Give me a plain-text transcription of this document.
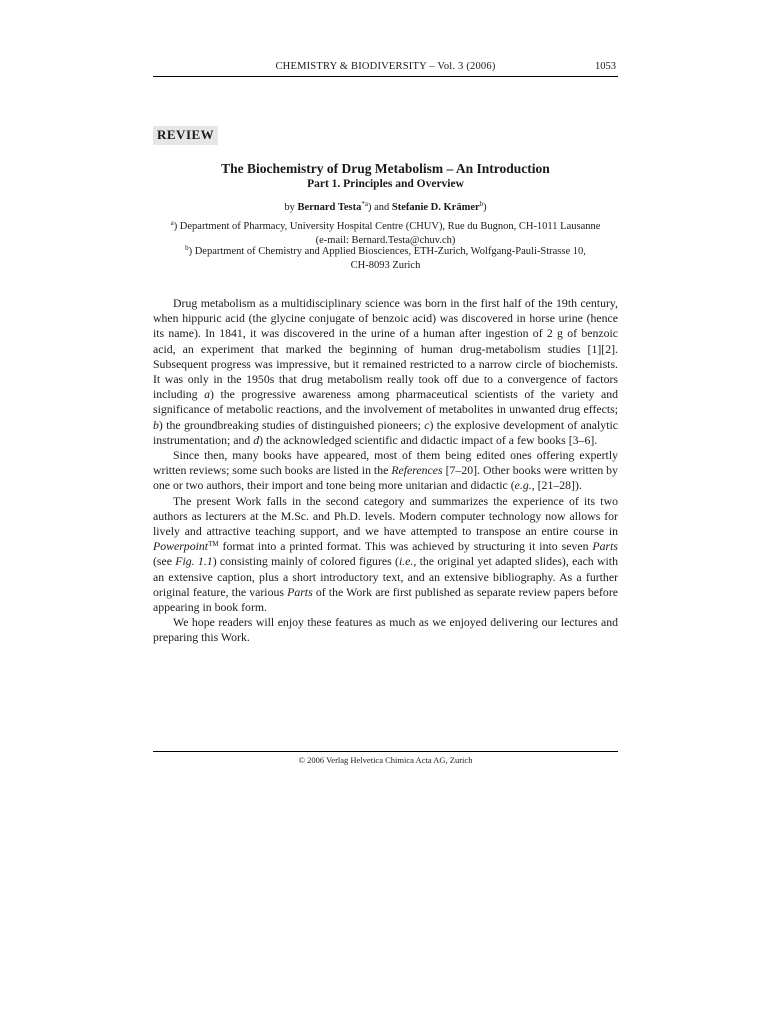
CHEMISTRY & BIODIVERSITY – Vol. 3 (2006)	1053
REVIEW
The Biochemistry of Drug Metabolism – An Introduction
Part 1. Principles and Overview
by Bernard Testa$^{*a}$) and Stefanie D. Krämer$^b$)
$^a$) Department of Pharmacy, University Hospital Centre (CHUV), Rue du Bugnon, CH-1011 Lausanne
(e-mail: Bernard.Testa@chuv.ch)
$^b$) Department of Chemistry and Applied Biosciences, ETH-Zurich, Wolfgang-Pauli-Strasse 10,
CH-8093 Zurich

Drug metabolism as a multidisciplinary science was born in the first half of the 19th century, when hippuric acid (the glycine conjugate of benzoic acid) was discovered in horse urine (hence its name). In 1841, it was discovered in the urine of a human after ingestion of 2 g of benzoic acid, an experiment that marked the beginning of human drug-metabolism studies [1][2]. Subsequent progress was impressive, but it remained restricted to a narrow circle of biochemists. It was only in the 1950s that drug metabolism really took off due to a convergence of factors including a) the progressive awareness among pharmaceutical scientists of the variety and significance of metabolic reactions, and the involvement of metabolites in unwanted drug effects; b) the groundbreaking studies of distinguished pioneers; c) the explosive development of analytic instrumentation; and d) the acknowledged scientific and didactic impact of a few books [3–6].

Since then, many books have appeared, most of them being edited ones offering expertly written reviews; some such books are listed in the References [7–20]. Other books were written by one or two authors, their import and tone being more unitarian and didactic (e.g., [21–28]).

The present Work falls in the second category and summarizes the experience of its two authors as lecturers at the M.Sc. and Ph.D. levels. Modern computer technology now allows for lively and attractive teaching support, and we have attempted to transpose an entire course in Powerpoint™ format into a printed format. This was achieved by structuring it into seven Parts (see Fig. 1.1) consisting mainly of colored figures (i.e., the original yet adapted slides), each with an extensive caption, plus a short introductory text, and an extensive bibliography. As a further original feature, the various Parts of the Work are first published as separate review papers before appearing in book form.

We hope readers will enjoy these features as much as we enjoyed delivering our lectures and preparing this Work.

© 2006 Verlag Helvetica Chimica Acta AG, Zurich
